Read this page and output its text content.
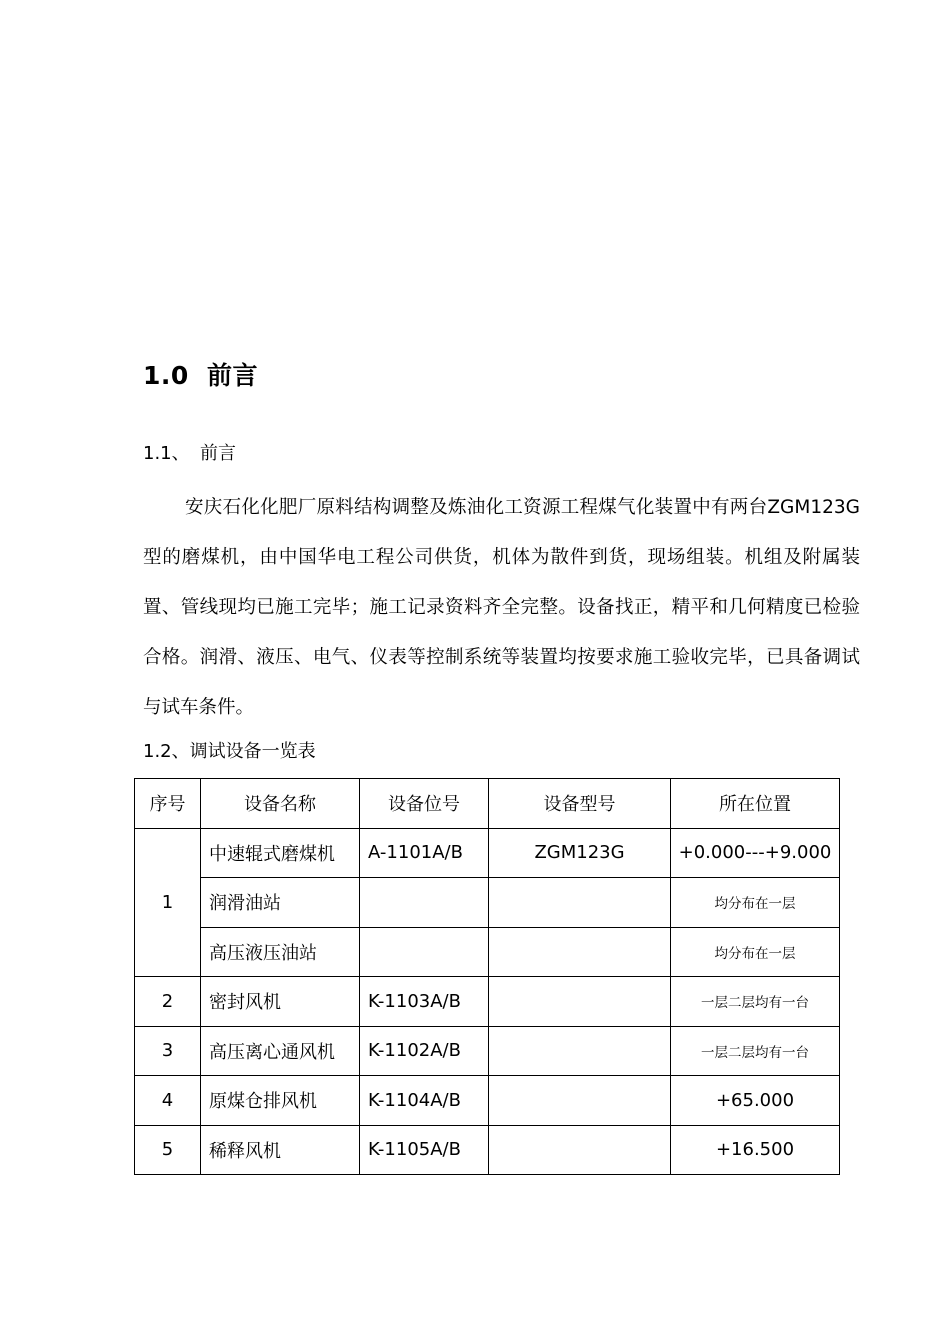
1.0 前言
1.1、 前言
安庆石化化肥厂原料结构调整及炼油化工资源工程煤气化装置中有两台ZGM123G 型的磨煤机，由中国华电工程公司供货，机体为散件到货，现场组装。机组及附属装置、管线现均已施工完毕；施工记录资料齐全完整。设备找正，精平和几何精度已检验合格。润滑、液压、电气、仪表等控制系统等装置均按要求施工验收完毕，已具备调试与试车条件。
1.2、调试设备一览表
序号	设备名称	设备位号	设备型号	所在位置
1	中速辊式磨煤机	A-1101A/B	ZGM123G	+0.000---+9.000
	润滑油站			均分布在一层
	高压液压油站			均分布在一层
2	密封风机	K-1103A/B		一层二层均有一台
3	高压离心通风机	K-1102A/B		一层二层均有一台
4	原煤仓排风机	K-1104A/B		+65.000
5	稀释风机	K-1105A/B		+16.500
